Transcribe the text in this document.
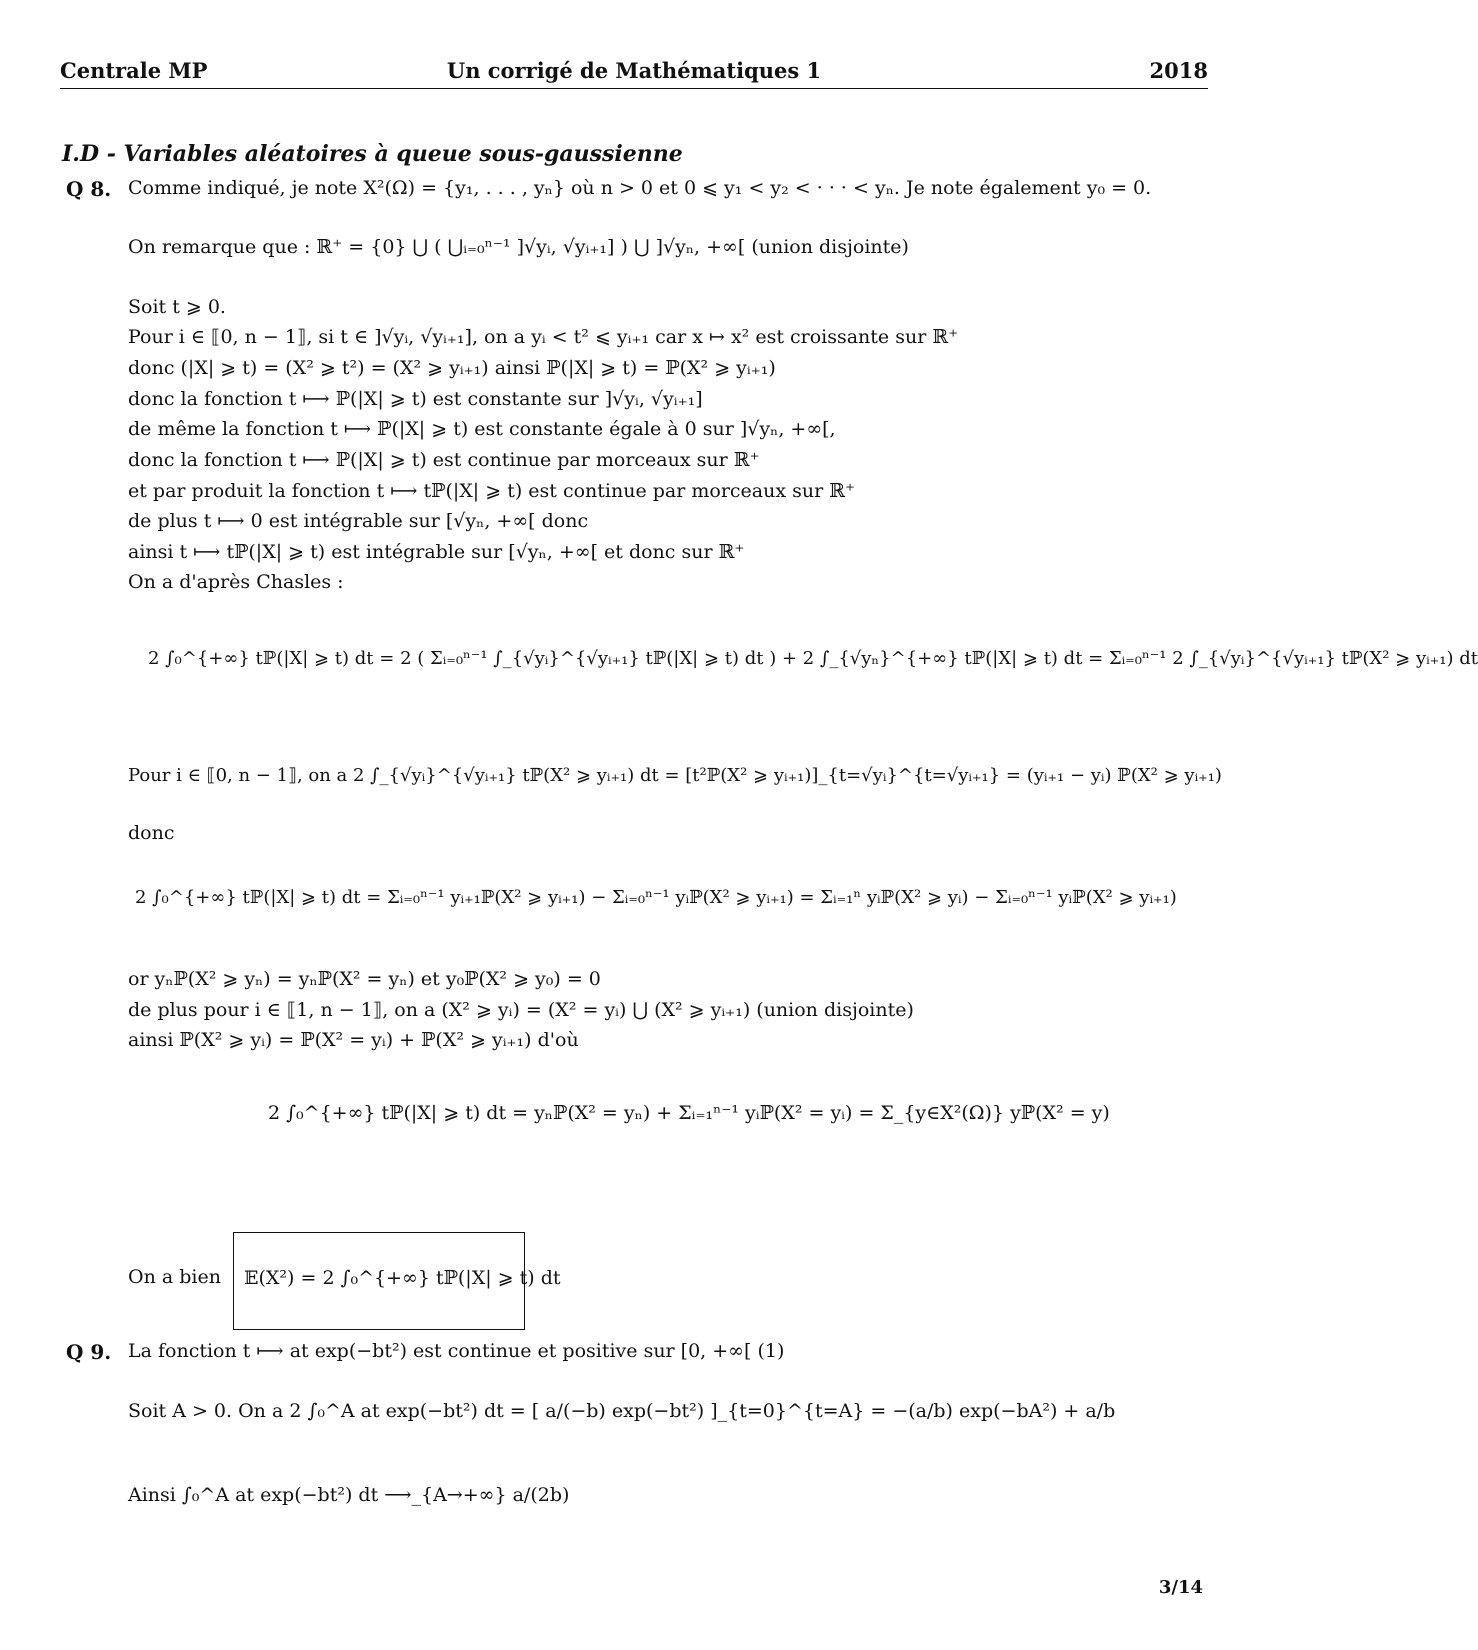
Un corrigé de Mathématiques 1
Centrale MP	2018
I.D - Variables aléatoires à queue sous-gaussienne
Q 8. Comme indiqué, je note X²(Ω) = {y₁, . . . , yₙ} où n > 0 et 0 ⩽ y₁ < y₂ < · · · < yₙ. Je note également y₀ = 0.
On remarque que : ℝ⁺ = {0} ⋃ ( ⋃ᵢ₌₀ⁿ⁻¹ ]√yᵢ, √yᵢ₊₁] ) ⋃ ]√yₙ, +∞[ (union disjointe)
Soit t ⩾ 0.
Pour i ∈ ⟦0, n − 1⟧, si t ∈ ]√yᵢ, √yᵢ₊₁], on a yᵢ < t² ⩽ yᵢ₊₁ car x ↦ x² est croissante sur ℝ⁺
donc (|X| ⩾ t) = (X² ⩾ t²) = (X² ⩾ yᵢ₊₁) ainsi ℙ(|X| ⩾ t) = ℙ(X² ⩾ yᵢ₊₁)
donc la fonction t ⟼ ℙ(|X| ⩾ t) est constante sur ]√yᵢ, √yᵢ₊₁]
de même la fonction t ⟼ ℙ(|X| ⩾ t) est constante égale à 0 sur ]√yₙ, +∞[,
donc la fonction t ⟼ ℙ(|X| ⩾ t) est continue par morceaux sur ℝ⁺
et par produit la fonction t ⟼ tℙ(|X| ⩾ t) est continue par morceaux sur ℝ⁺
de plus t ⟼ 0 est intégrable sur [√yₙ, +∞[ donc
ainsi t ⟼ tℙ(|X| ⩾ t) est intégrable sur [√yₙ, +∞[ et donc sur ℝ⁺
On a d'après Chasles :
2 ∫₀^{+∞} tℙ(|X| ⩾ t) dt = 2 ( Σᵢ₌₀ⁿ⁻¹ ∫_{√yᵢ}^{√yᵢ₊₁} tℙ(|X| ⩾ t) dt ) + 2 ∫_{√yₙ}^{+∞} tℙ(|X| ⩾ t) dt = Σᵢ₌₀ⁿ⁻¹ 2 ∫_{√yᵢ}^{√yᵢ₊₁} tℙ(X² ⩾ yᵢ₊₁) dt
Pour i ∈ ⟦0, n − 1⟧, on a 2 ∫_{√yᵢ}^{√yᵢ₊₁} tℙ(X² ⩾ yᵢ₊₁) dt = [t²ℙ(X² ⩾ yᵢ₊₁)]_{t=√yᵢ}^{t=√yᵢ₊₁} = (yᵢ₊₁ − yᵢ) ℙ(X² ⩾ yᵢ₊₁)
donc
2 ∫₀^{+∞} tℙ(|X| ⩾ t) dt = Σᵢ₌₀ⁿ⁻¹ yᵢ₊₁ℙ(X² ⩾ yᵢ₊₁) − Σᵢ₌₀ⁿ⁻¹ yᵢℙ(X² ⩾ yᵢ₊₁) = Σᵢ₌₁ⁿ yᵢℙ(X² ⩾ yᵢ) − Σᵢ₌₀ⁿ⁻¹ yᵢℙ(X² ⩾ yᵢ₊₁)
or yₙℙ(X² ⩾ yₙ) = yₙℙ(X² = yₙ) et y₀ℙ(X² ⩾ y₀) = 0
de plus pour i ∈ ⟦1, n − 1⟧, on a (X² ⩾ yᵢ) = (X² = yᵢ) ⋃ (X² ⩾ yᵢ₊₁) (union disjointe)
ainsi ℙ(X² ⩾ yᵢ) = ℙ(X² = yᵢ) + ℙ(X² ⩾ yᵢ₊₁) d'où
2 ∫₀^{+∞} tℙ(|X| ⩾ t) dt = yₙℙ(X² = yₙ) + Σᵢ₌₁ⁿ⁻¹ yᵢℙ(X² = yᵢ) = Σ_{y∈X²(Ω)} yℙ(X² = y)
On a bien 𝔼(X²) = 2 ∫₀^{+∞} tℙ(|X| ⩾ t) dt
Q 9. La fonction t ⟼ at exp(−bt²) est continue et positive sur [0, +∞[ (1)
Soit A > 0. On a 2 ∫₀^A at exp(−bt²) dt = [ a/(−b) exp(−bt²) ]_{t=0}^{t=A} = −(a/b) exp(−bA²) + a/b
Ainsi ∫₀^A at exp(−bt²) dt ⟶_{A→+∞} a/(2b)
3/14
